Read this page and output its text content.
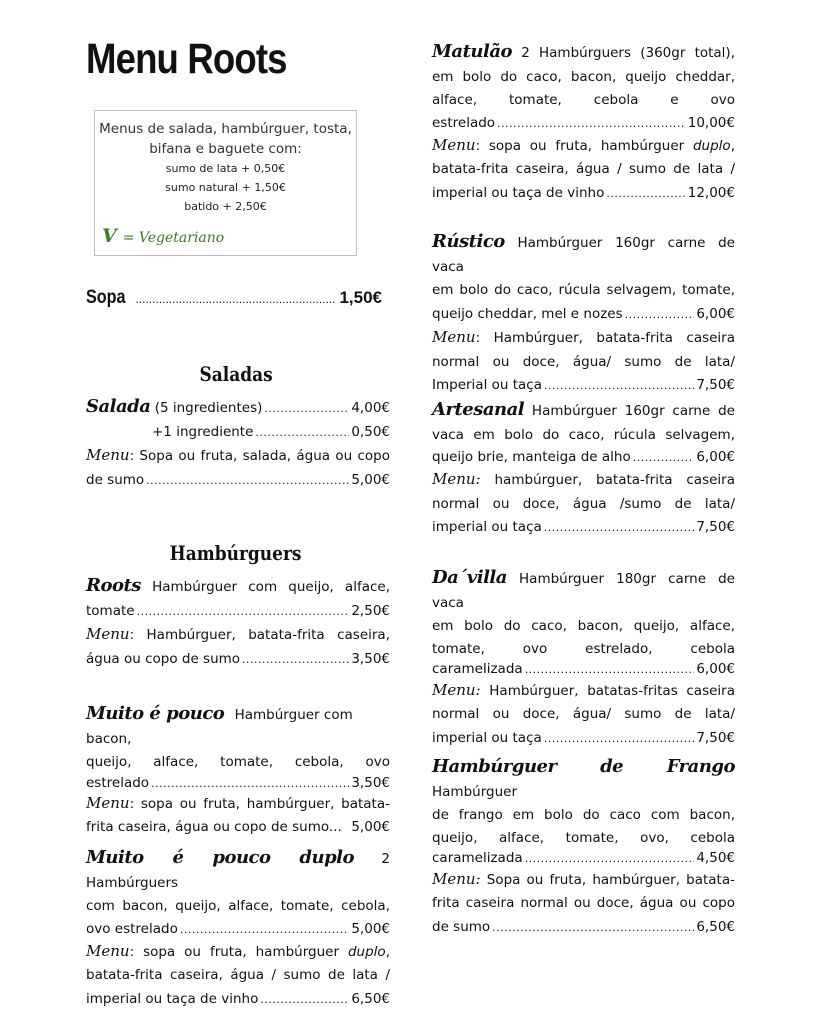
Menu Roots
Menus de salada, hambúrguer, tosta, bifana e baguete com:
sumo de lata + 0,50€
sumo natural + 1,50€
batido + 2,50€
V = Vegetariano
Sopa .....	1,50€
Saladas
Salada (5 ingredientes) .....	4,00€
+1 ingrediente .....	0,50€

Menu: Sopa ou fruta, salada, água ou copo

de sumo .....	5,00€
Hambúrguers

Roots Hambúrguer com queijo, alface,

tomate .....	2,50€

Menu: Hambúrguer, batata-frita caseira,

água ou copo de sumo .....	3,50€

Muito é pouco Hambúrguer com bacon,

queijo, alface, tomate, cebola, ovo

estrelado .....	3,50€

Menu: sopa ou fruta, hambúrguer, batata-

frita caseira, água ou copo de sumo... 5,00€

Muito é pouco duplo 2 Hambúrguers

com bacon, queijo, alface, tomate, cebola,

ovo estrelado .....	5,00€

Menu: sopa ou fruta, hambúrguer duplo,

batata-frita caseira, água / sumo de lata /

imperial ou taça de vinho .....	6,50€

Matulão 2 Hambúrguers (360gr total),

em bolo do caco, bacon, queijo cheddar,

alface, tomate, cebola e ovo

estrelado .....	10,00€

Menu: sopa ou fruta, hambúrguer duplo,

batata-frita caseira, água / sumo de lata /

imperial ou taça de vinho .....	12,00€

Rústico Hambúrguer 160gr carne de vaca

em bolo do caco, rúcula selvagem, tomate,

queijo cheddar, mel e nozes .....	6,00€

Menu: Hambúrguer, batata-frita caseira

normal ou doce, água/ sumo de lata/

Imperial ou taça .....	7,50€

Artesanal Hambúrguer 160gr carne de

vaca em bolo do caco, rúcula selvagem,

queijo brie, manteiga de alho .....	6,00€

Menu: hambúrguer, batata-frita caseira

normal ou doce, água /sumo de lata/

imperial ou taça .....	7,50€

Da´villa Hambúrguer 180gr carne de vaca

em bolo do caco, bacon, queijo, alface,

tomate, ovo estrelado, cebola

caramelizada .....	6,00€

Menu: Hambúrguer, batatas-fritas caseira

normal ou doce, água/ sumo de lata/

imperial ou taça .....	7,50€

Hambúrguer de Frango Hambúrguer

de frango em bolo do caco com bacon,

queijo, alface, tomate, ovo, cebola

caramelizada .....	4,50€

Menu: Sopa ou fruta, hambúrguer, batata-

frita caseira normal ou doce, água ou copo

de sumo .....	6,50€
